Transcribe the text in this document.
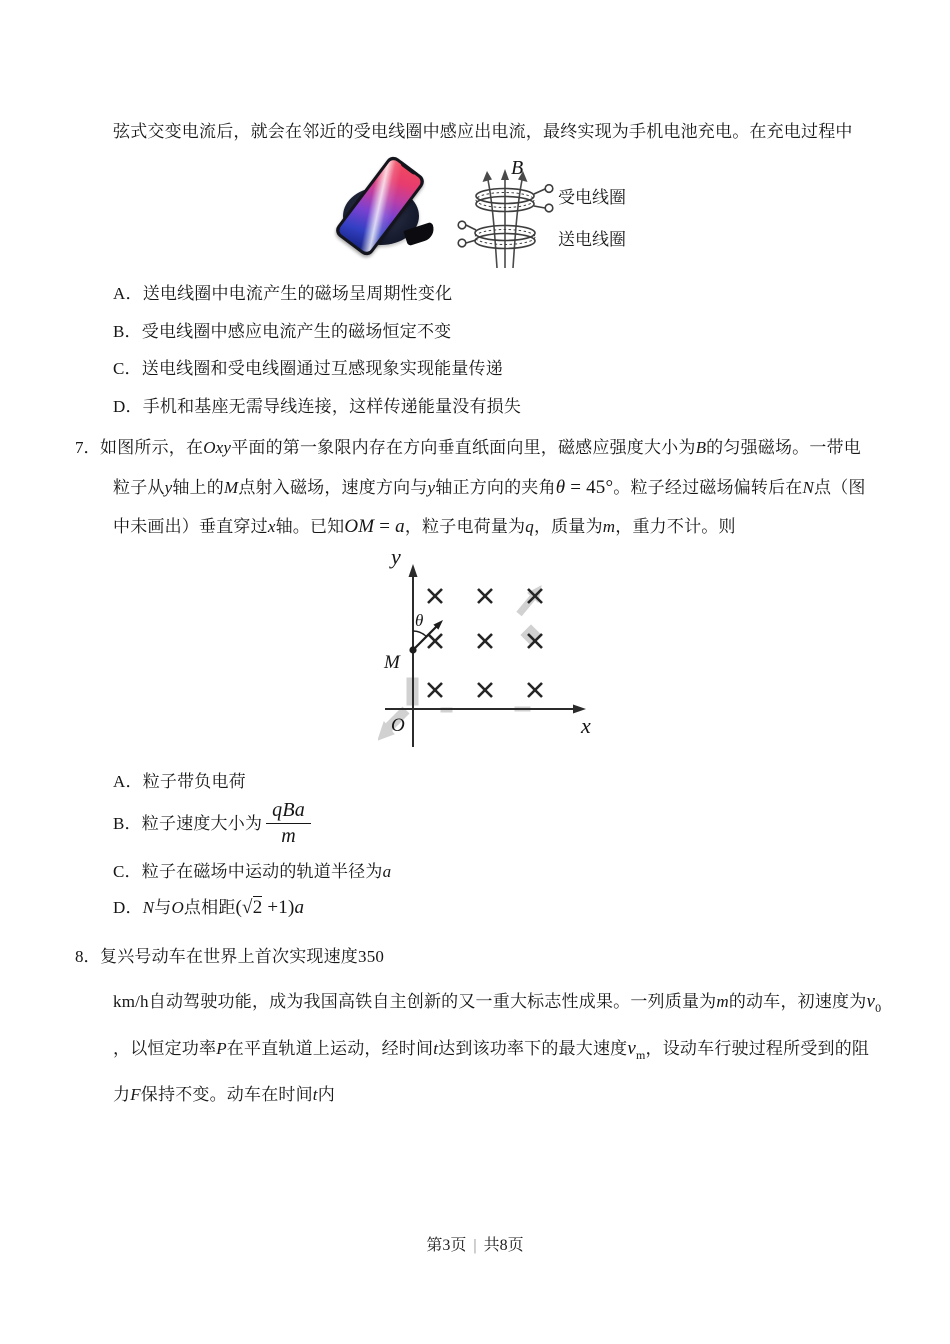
弦式交变电流后，就会在邻近的受电线圈中感应出电流，最终实现为手机电池充电。在充电过程中
B
受电线圈
送电线圈
A．送电线圈中电流产生的磁场呈周期性变化
B．受电线圈中感应电流产生的磁场恒定不变
C．送电线圈和受电线圈通过互感现象实现能量传递
D．手机和基座无需导线连接，这样传递能量没有损失
7． 如图所示，在Oxy平面的第一象限内存在方向垂直纸面向里，磁感应强度大小为B的匀强磁场。一带电
粒子从y轴上的M点射入磁场，速度方向与y轴正方向的夹角θ = 45°。粒子经过磁场偏转后在N点（图
中未画出）垂直穿过x轴。已知OM = a，粒子电荷量为q，质量为m，重力不计。则
y
x
O
M
θ
A．粒子带负电荷
B． 粒子速度大小为 $\frac{\text{qBa}}{m}$
C．粒子在磁场中运动的轨道半径为a
D．N与O点相距(√2 +1)a
8． 复兴号动车在世界上首次实现速度350
km/h自动驾驶功能，成为我国高铁自主创新的又一重大标志性成果。一列质量为m的动车，初速度为$v_0$
，以恒定功率P在平直轨道上运动，经时间t达到该功率下的最大速度$v_m$，设动车行驶过程所受到的阻
力F保持不变。动车在时间t内
第3页 | 共8页
